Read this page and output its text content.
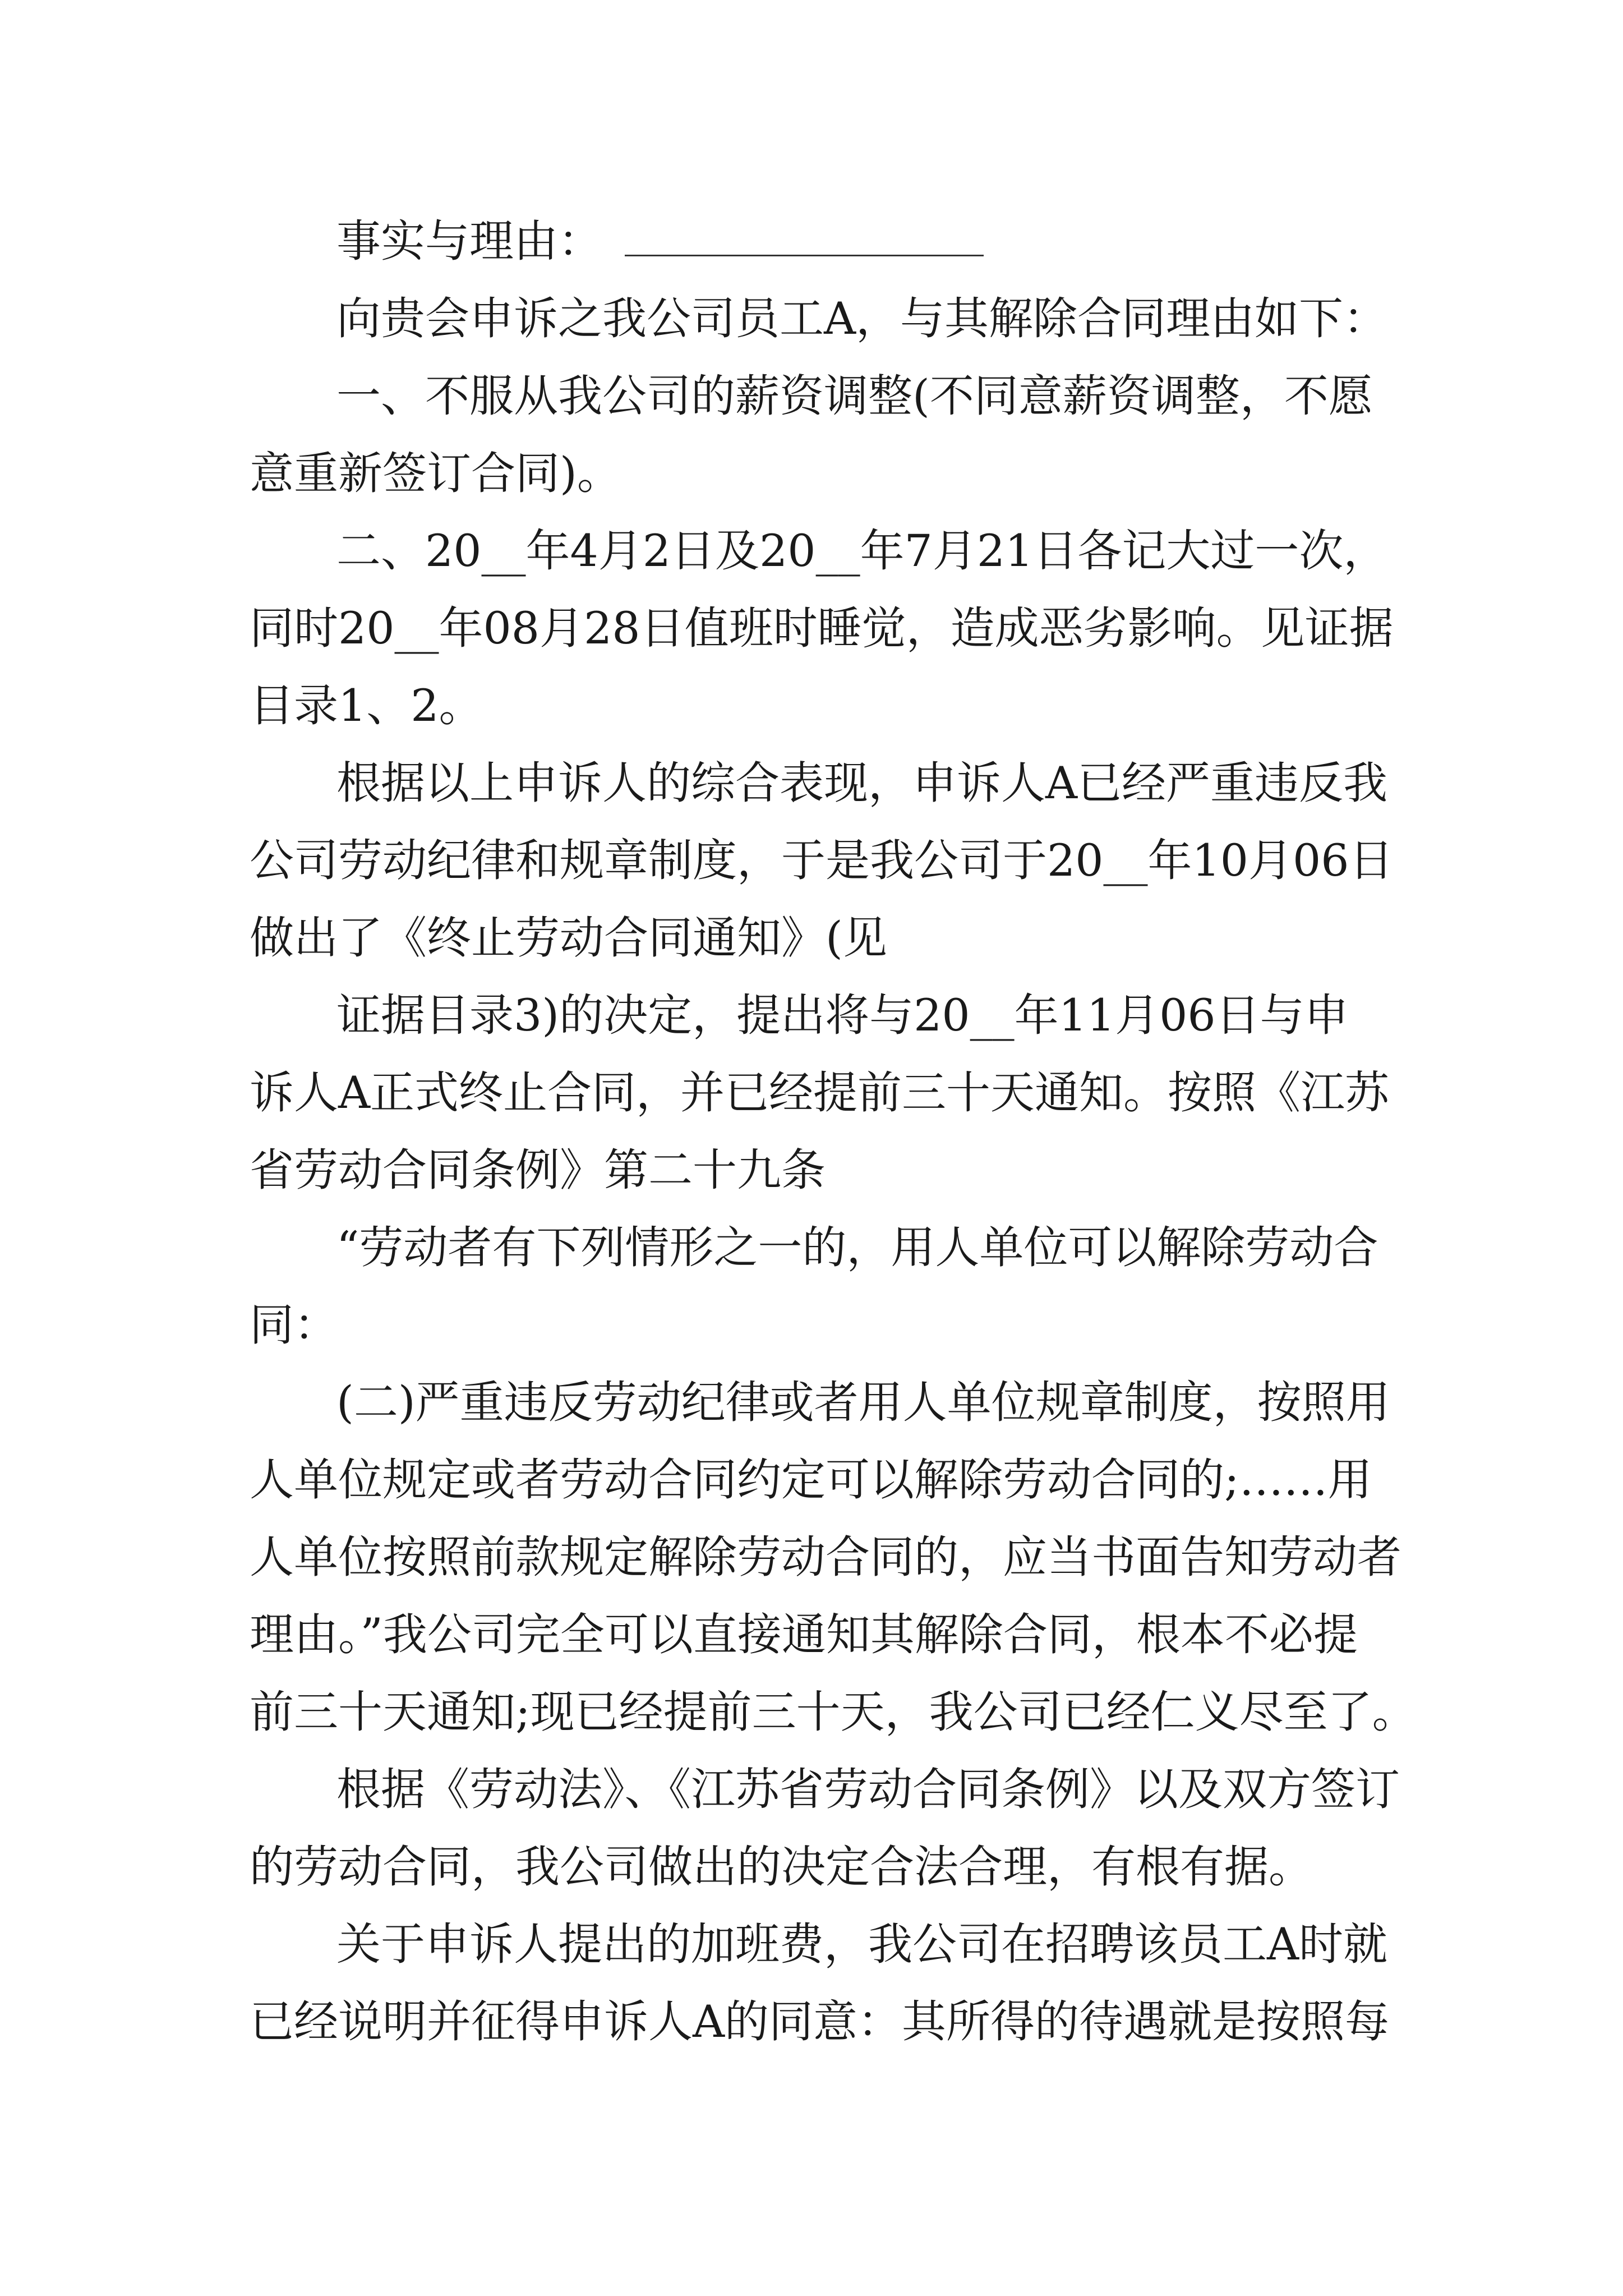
事实与理由：
向贵会申诉之我公司员工A，与其解除合同理由如下：
一、不服从我公司的薪资调整(不同意薪资调整，不愿
意重新签订合同)。
二、20__年4月2日及20__年7月21日各记大过一次，
同时20__年08月28日值班时睡觉，造成恶劣影响。见证据
目录1、2。
根据以上申诉人的综合表现，申诉人A已经严重违反我
公司劳动纪律和规章制度，于是我公司于20__年10月06日
做出了《终止劳动合同通知》(见
证据目录3)的决定，提出将与20__年11月06日与申
诉人A正式终止合同，并已经提前三十天通知。按照《江苏
省劳动合同条例》第二十九条
“劳动者有下列情形之一的，用人单位可以解除劳动合
同：
(二)严重违反劳动纪律或者用人单位规章制度，按照用
人单位规定或者劳动合同约定可以解除劳动合同的;……用
人单位按照前款规定解除劳动合同的，应当书面告知劳动者
理由。”我公司完全可以直接通知其解除合同，根本不必提
前三十天通知;现已经提前三十天，我公司已经仁义尽至了。
根据《劳动法》、《江苏省劳动合同条例》以及双方签订
的劳动合同，我公司做出的决定合法合理，有根有据。
关于申诉人提出的加班费，我公司在招聘该员工A时就
已经说明并征得申诉人A的同意：其所得的待遇就是按照每
